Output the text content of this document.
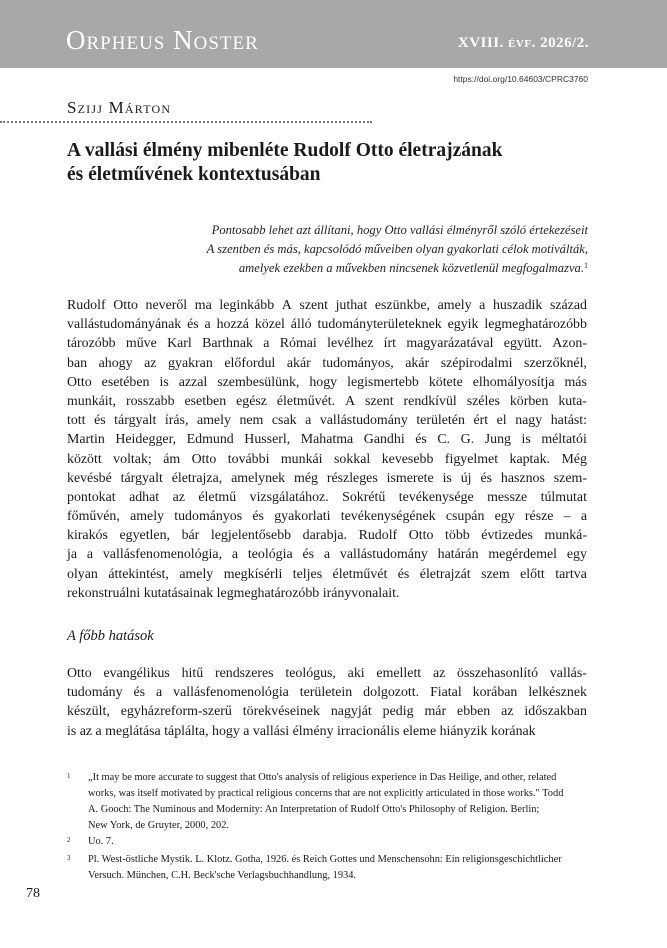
Orpheus Noster	XVIII. évf. 2026/2.
https://doi.org/10.64603/CPRC3760
Szijj Márton
A vallási élmény mibenléte Rudolf Otto életrajzának
és életművének kontextusában
Pontosabb lehet azt állítani, hogy Otto vallási élményről szóló értekezéseit
A szentben és más, kapcsolódó műveiben olyan gyakorlati célok motiválták,
amelyek ezekben a művekben nincsenek közvetlenül megfogalmazva.$^1$
Rudolf Otto neveről ma leginkább A szent juthat eszünkbe, amely a huszadik század
vallástudományának és a hozzá közel álló tudományterületeknek egyik legmeghatározóbb
tározóbb műve Karl Barthnak a Római levélhez írt magyarázatával együtt. Azon-
ban ahogy az gyakran előfordul akár tudományos, akár szépirodalmi szerzőknél,
Otto esetében is azzal szembesülünk, hogy legismertebb kötete elhomályosítja más
munkáit, rosszabb esetben egész életművét. A szent rendkívül széles körben kuta-
tott és tárgyalt írás, amely nem csak a vallástudomány területén ért el nagy hatást:
Martin Heidegger, Edmund Husserl, Mahatma Gandhi és C. G. Jung is méltatói
között voltak; ám Otto további munkái sokkal kevesebb figyelmet kaptak. Még
kevésbé tárgyalt életrajza, amelynek még részleges ismerete is új és hasznos szem-
pontokat adhat az életmű vizsgálatához. Sokrétű tevékenysége messze túlmutat
főművén, amely tudományos és gyakorlati tevékenységének csupán egy része – a
kirakós egyetlen, bár legjelentősebb darabja. Rudolf Otto több évtizedes munká-
ja a vallásfenomenológia, a teológia és a vallástudomány határán megérdemel egy
olyan áttekintést, amely megkísérli teljes életművét és életrajzát szem előtt tartva
rekonstruálni kutatásainak legmeghatározóbb irányvonalait.
A főbb hatások
Otto evangélikus hitű rendszeres teológus, aki emellett az összehasonlító vallás-
tudomány és a vallásfenomenológia területein dolgozott. Fiatal korában lelkésznek
készült, egyházreform-szerű törekvéseinek nagyját pedig már ebben az időszakban
is az a meglátása táplálta, hogy a vallási élmény irracionális eleme hiányzik korának
1 „It may be more accurate to suggest that Otto's analysis of religious experience in Das Heilige, and other, related
works, was itself motivated by practical religious concerns that are not explicitly articulated in those works." Todd
A. Gooch: The Numinous and Modernity: An Interpretation of Rudolf Otto's Philosophy of Religion. Berlin;
New York, de Gruyter, 2000, 202.
2 Uo. 7.
3 Pl. West-östliche Mystik. L. Klotz. Gotha, 1926. és Reich Gottes und Menschensohn: Ein religionsgeschichtlicher
Versuch. München, C.H. Beck'sche Verlagsbuchhandlung, 1934.
78
